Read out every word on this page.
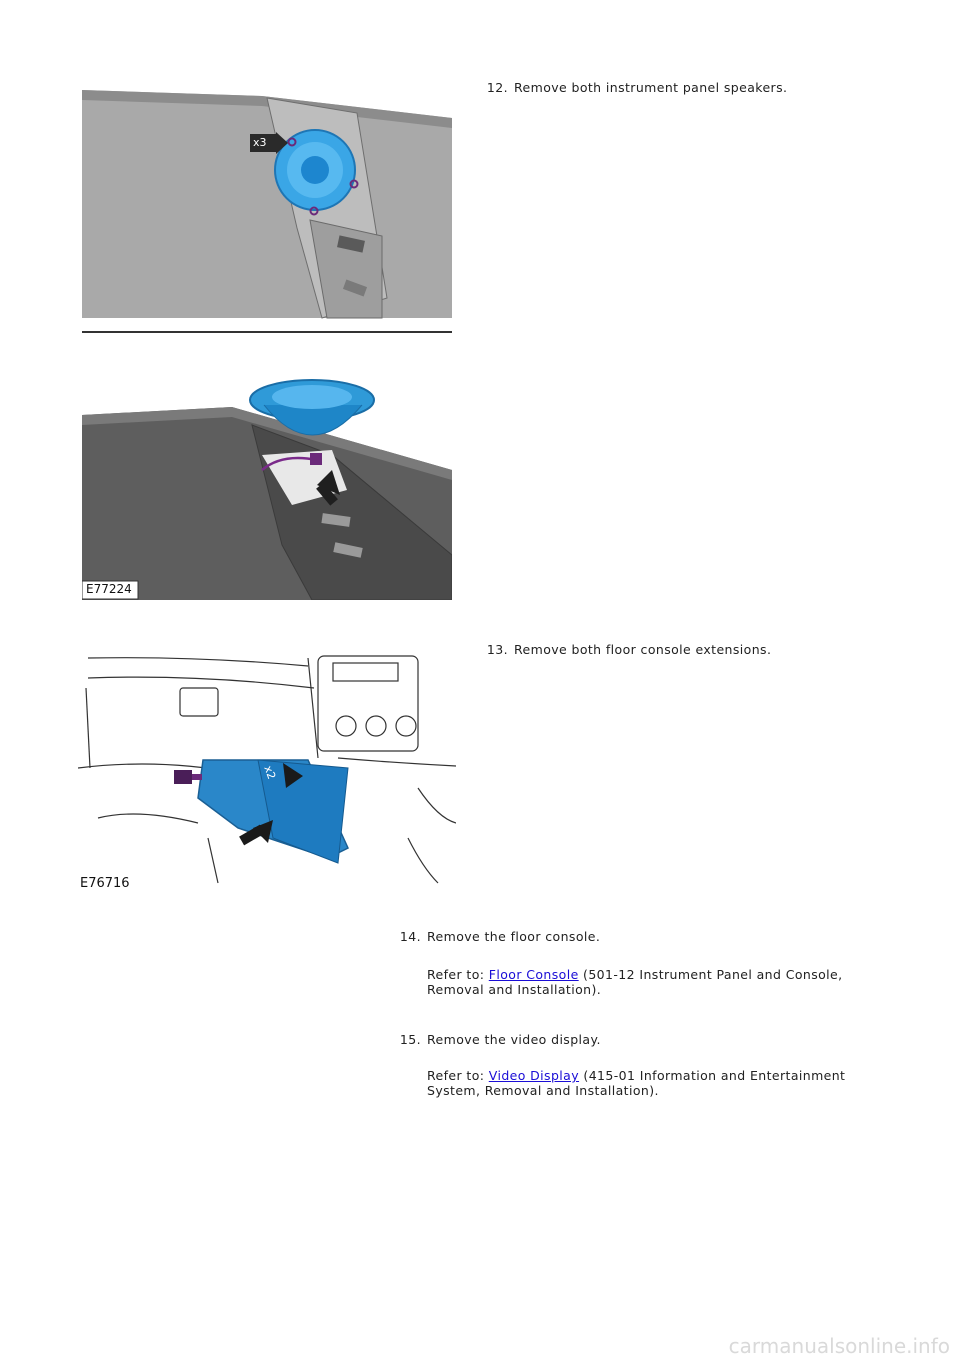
x3
12. Remove both instrument panel speakers.
E77224
x2
E76716
13. Remove both floor console extensions.
14. Remove the floor console.
Refer to: Floor Console (501-12 Instrument Panel and Console,
Removal and Installation).
15. Remove the video display.
Refer to: Video Display (415-01 Information and Entertainment
System, Removal and Installation).
carmanualsonline.info
